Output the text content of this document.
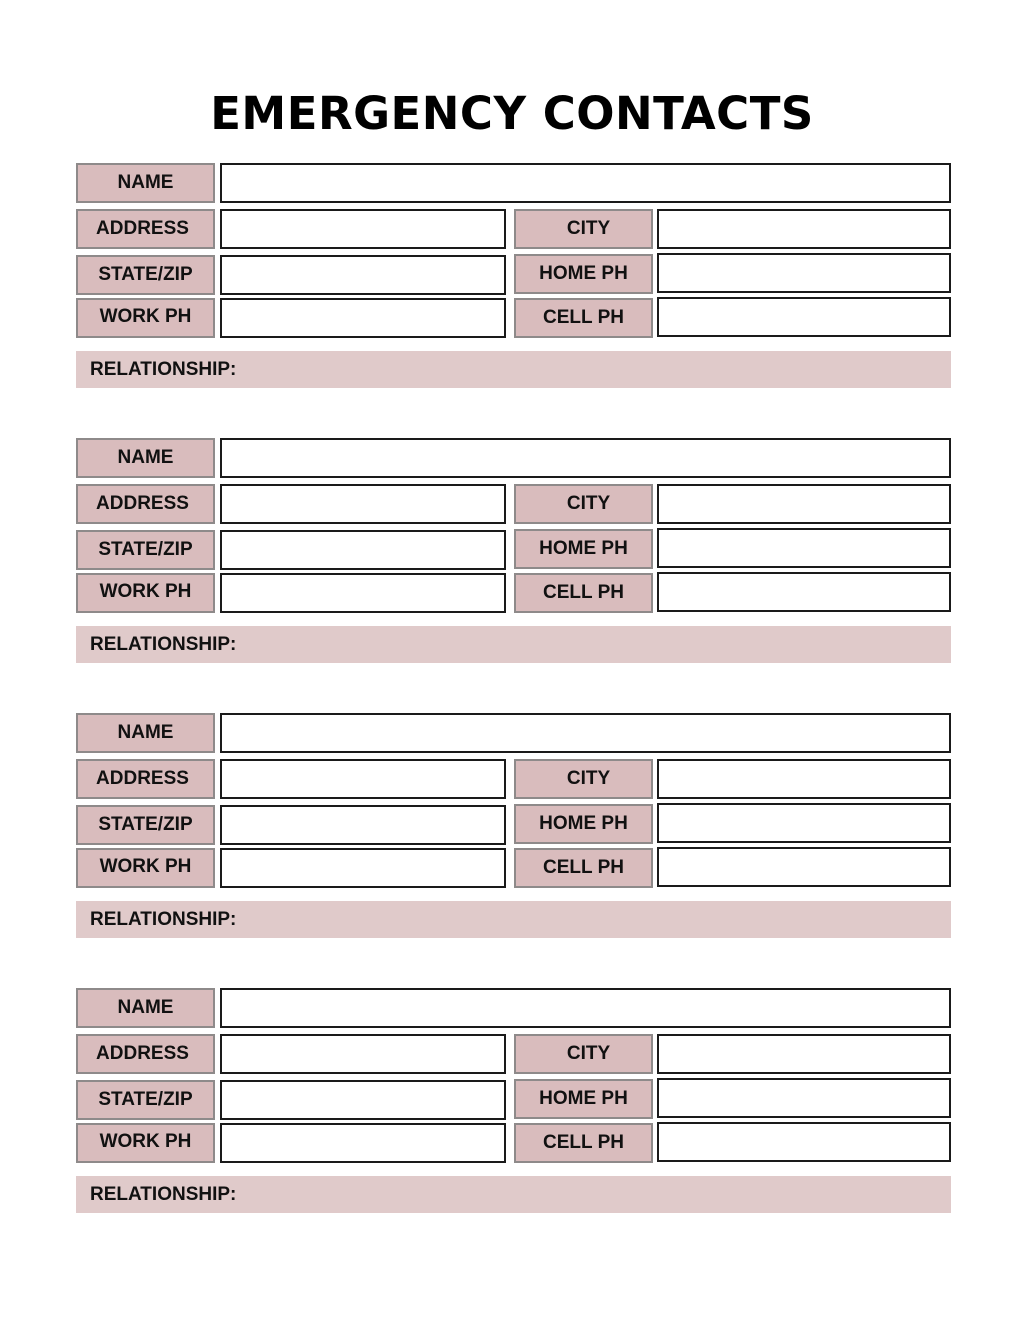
EMERGENCY CONTACTS
NAME
ADDRESS	CITY
STATE/ZIP	HOME PH
WORK PH	CELL PH
RELATIONSHIP:
NAME
ADDRESS	CITY
STATE/ZIP	HOME PH
WORK PH	CELL PH
RELATIONSHIP:
NAME
ADDRESS	CITY
STATE/ZIP	HOME PH
WORK PH	CELL PH
RELATIONSHIP:
NAME
ADDRESS	CITY
STATE/ZIP	HOME PH
WORK PH	CELL PH
RELATIONSHIP:
